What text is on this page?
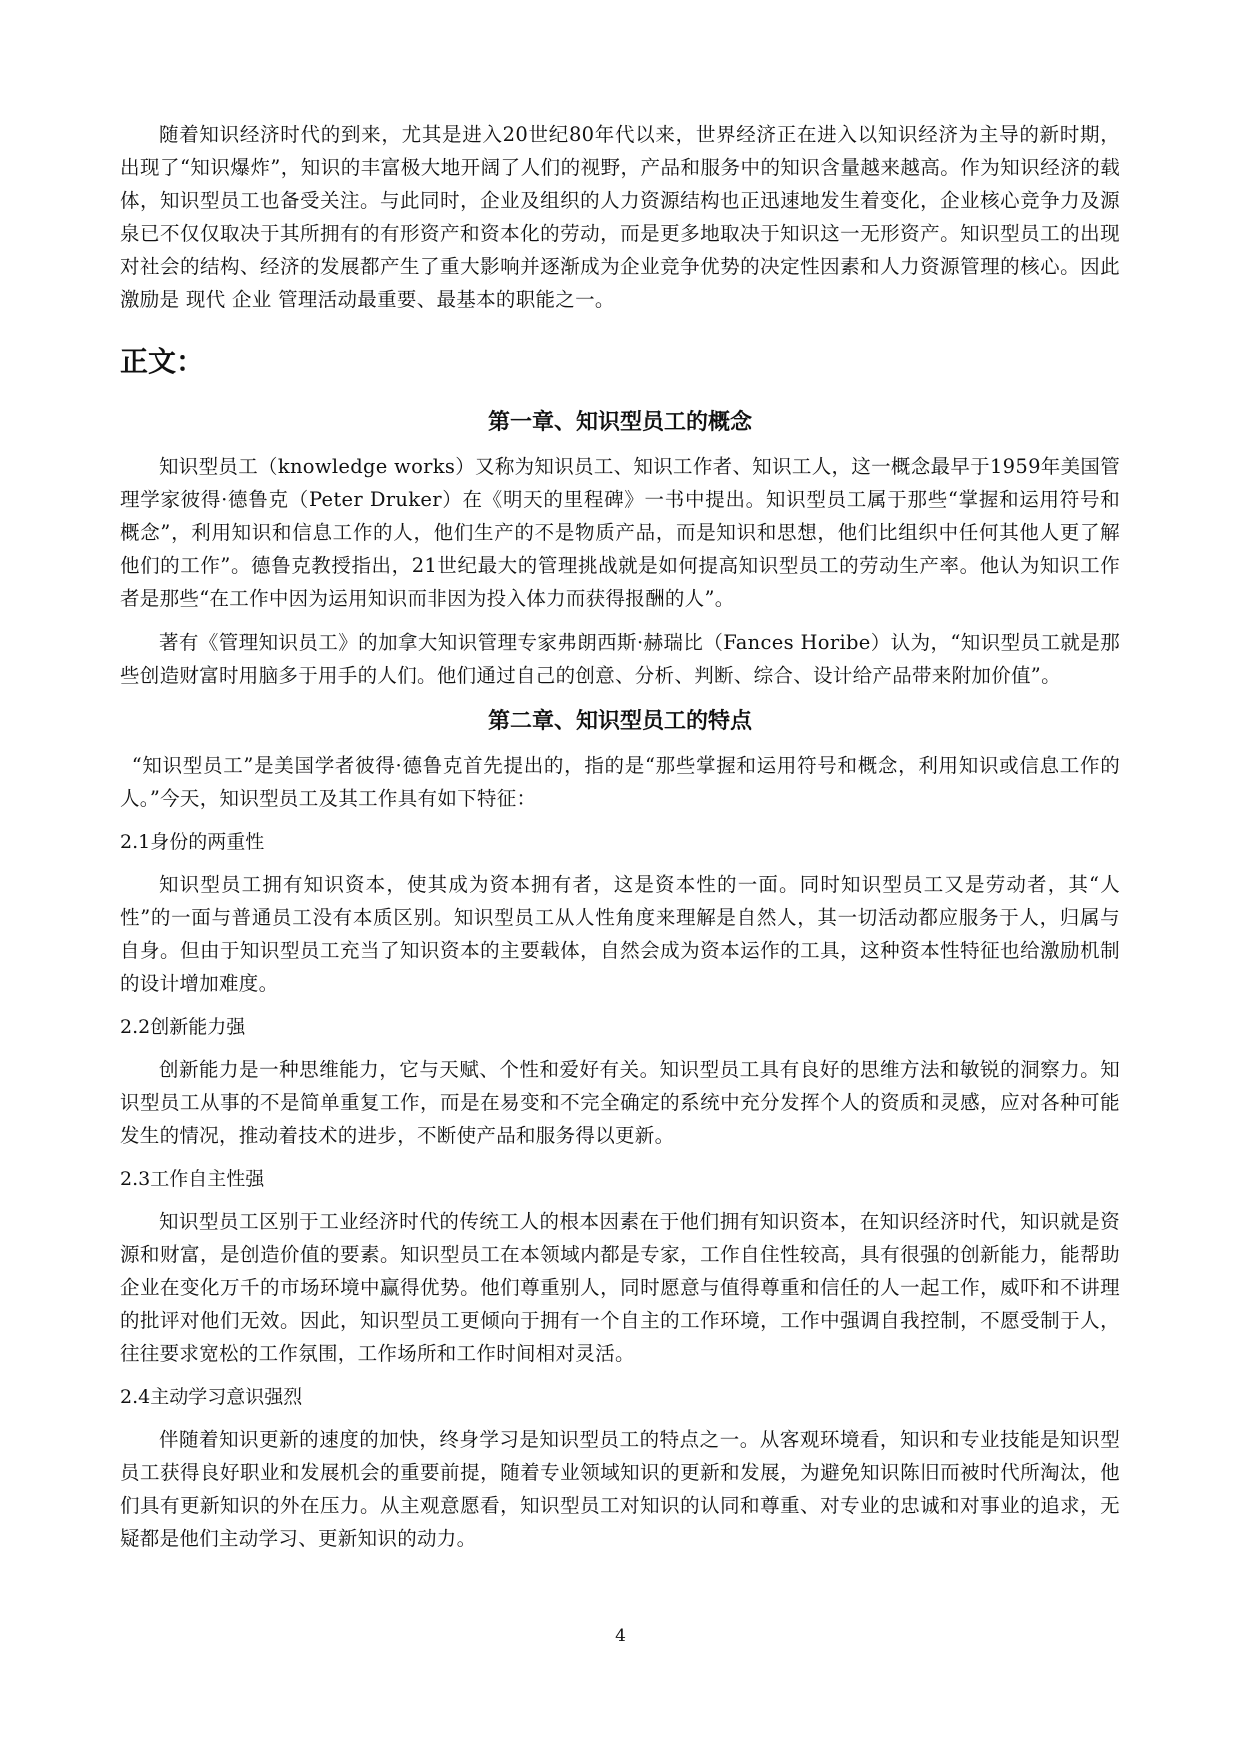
随着知识经济时代的到来，尤其是进入20世纪80年代以来，世界经济正在进入以知识经济为主导的新时期，出现了“知识爆炸”，知识的丰富极大地开阔了人们的视野，产品和服务中的知识含量越来越高。作为知识经济的载体，知识型员工也备受关注。与此同时，企业及组织的人力资源结构也正迅速地发生着变化，企业核心竞争力及源泉已不仅仅取决于其所拥有的有形资产和资本化的劳动，而是更多地取决于知识这一无形资产。知识型员工的出现对社会的结构、经济的发展都产生了重大影响并逐渐成为企业竞争优势的决定性因素和人力资源管理的核心。因此激励是 现代 企业 管理活动最重要、最基本的职能之一。

正文：
第一章、知识型员工的概念

知识型员工（knowledge works）又称为知识员工、知识工作者、知识工人，这一概念最早于1959年美国管理学家彼得·德鲁克（Peter Druker）在《明天的里程碑》一书中提出。知识型员工属于那些“掌握和运用符号和概念”，利用知识和信息工作的人，他们生产的不是物质产品，而是知识和思想，他们比组织中任何其他人更了解他们的工作”。德鲁克教授指出，21世纪最大的管理挑战就是如何提高知识型员工的劳动生产率。他认为知识工作者是那些“在工作中因为运用知识而非因为投入体力而获得报酬的人”。

著有《管理知识员工》的加拿大知识管理专家弗朗西斯·赫瑞比（Fances Horibe）认为，“知识型员工就是那些创造财富时用脑多于用手的人们。他们通过自己的创意、分析、判断、综合、设计给产品带来附加价值”。

第二章、知识型员工的特点

“知识型员工”是美国学者彼得·德鲁克首先提出的，指的是“那些掌握和运用符号和概念，利用知识或信息工作的人。”今天，知识型员工及其工作具有如下特征：

2.1身份的两重性

知识型员工拥有知识资本，使其成为资本拥有者，这是资本性的一面。同时知识型员工又是劳动者，其“人性”的一面与普通员工没有本质区别。知识型员工从人性角度来理解是自然人，其一切活动都应服务于人，归属与自身。但由于知识型员工充当了知识资本的主要载体，自然会成为资本运作的工具，这种资本性特征也给激励机制的设计增加难度。

2.2创新能力强

创新能力是一种思维能力，它与天赋、个性和爱好有关。知识型员工具有良好的思维方法和敏锐的洞察力。知识型员工从事的不是简单重复工作，而是在易变和不完全确定的系统中充分发挥个人的资质和灵感，应对各种可能发生的情况，推动着技术的进步，不断使产品和服务得以更新。

2.3工作自主性强

知识型员工区别于工业经济时代的传统工人的根本因素在于他们拥有知识资本，在知识经济时代，知识就是资源和财富，是创造价值的要素。知识型员工在本领域内都是专家，工作自住性较高，具有很强的创新能力，能帮助企业在变化万千的市场环境中赢得优势。他们尊重别人，同时愿意与值得尊重和信任的人一起工作，威吓和不讲理的批评对他们无效。因此，知识型员工更倾向于拥有一个自主的工作环境，工作中强调自我控制，不愿受制于人，往往要求宽松的工作氛围，工作场所和工作时间相对灵活。

2.4主动学习意识强烈

伴随着知识更新的速度的加快，终身学习是知识型员工的特点之一。从客观环境看，知识和专业技能是知识型员工获得良好职业和发展机会的重要前提，随着专业领域知识的更新和发展，为避免知识陈旧而被时代所淘汰，他们具有更新知识的外在压力。从主观意愿看，知识型员工对知识的认同和尊重、对专业的忠诚和对事业的追求，无疑都是他们主动学习、更新知识的动力。

4
